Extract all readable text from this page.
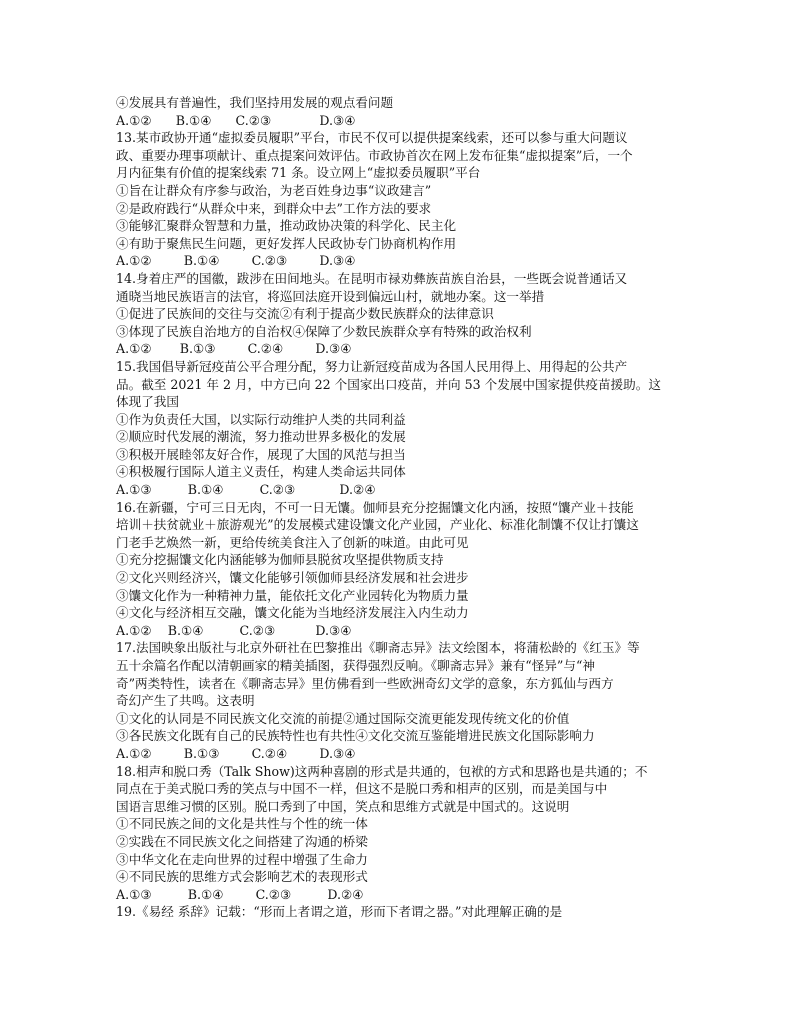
④发展具有普遍性，我们坚持用发展的观点看问题
A.①②      B.①④      C.②③            D.③④
13.某市政协开通“虚拟委员履职”平台，市民不仅可以提供提案线索，还可以参与重大问题议
政、重要办理事项献计、重点提案问效评估。市政协首次在网上发布征集“虚拟提案”后，一个
月内征集有价值的提案线索 71 条。设立网上“虚拟委员履职”平台
①旨在让群众有序参与政治，为老百姓身边事“议政建言”
②是政府践行“从群众中来，到群众中去”工作方法的要求
③能够汇聚群众智慧和力量，推动政协决策的科学化、民主化
④有助于聚焦民生问题，更好发挥人民政协专门协商机构作用
A.①②        B.①④        C.②③        D.③④
14.身着庄严的国徽，跋涉在田间地头。在昆明市禄劝彝族苗族自治县，一些既会说普通话又
通晓当地民族语言的法官，将巡回法庭开设到偏远山村，就地办案。这一举措
①促进了民族间的交往与交流②有利于提高少数民族群众的法律意识
③体现了民族自治地方的自治权④保障了少数民族群众享有特殊的政治权利
A.①②       B.①③        C.②④        D.③④
15.我国倡导新冠疫苗公平合理分配，努力让新冠疫苗成为各国人民用得上、用得起的公共产
品。截至 2021 年 2 月，中方已向 22 个国家出口疫苗，并向 53 个发展中国家提供疫苗援助。这
体现了我国
①作为负责任大国，以实际行动维护人类的共同利益
②顺应时代发展的潮流，努力推动世界多极化的发展
③积极开展睦邻友好合作，展现了大国的风范与担当
④积极履行国际人道主义责任，构建人类命运共同体
A.①③         B.①④         C.②③           D.②④
16.在新疆，宁可三日无肉，不可一日无馕。伽师县充分挖掘馕文化内涵，按照“馕产业＋技能
培训＋扶贫就业＋旅游观光”的发展模式建设馕文化产业园，产业化、标准化制馕不仅让打馕这
门老手艺焕然一新，更给传统美食注入了创新的味道。由此可见
①充分挖掘馕文化内涵能够为伽师县脱贫攻坚提供物质支持
②文化兴则经济兴，馕文化能够引领伽师县经济发展和社会进步
③馕文化作为一种精神力量，能依托文化产业园转化为物质力量
④文化与经济相互交融，馕文化能为当地经济发展注入内生动力
A.①②    B.①④         C.②③          D.③④
17.法国映象出版社与北京外研社在巴黎推出《聊斋志异》法文绘图本，将蒲松龄的《红玉》等
五十余篇名作配以清朝画家的精美插图，获得强烈反响。《聊斋志异》兼有“怪异”与“神
奇”两类特性，读者在《聊斋志异》里仿佛看到一些欧洲奇幻文学的意象，东方狐仙与西方
奇幻产生了共鸣。这表明
①文化的认同是不同民族文化交流的前提②通过国际交流更能发现传统文化的价值
③各民族文化既有自己的民族特性也有共性④文化交流互鉴能增进民族文化国际影响力
A.①②        B.①③        C.②④        D.③④
18.相声和脱口秀（Talk Show)这两种喜剧的形式是共通的，包袱的方式和思路也是共通的；不
同点在于美式脱口秀的笑点与中国不一样，但这不是脱口秀和相声的区别，而是美国与中
国语言思维习惯的区别。脱口秀到了中国，笑点和思维方式就是中国式的。这说明
①不同民族之间的文化是共性与个性的统一体
②实践在不同民族文化之间搭建了沟通的桥梁
③中华文化在走向世界的过程中增强了生命力
④不同民族的思维方式会影响艺术的表现形式
A.①③         B.①④        C.②③         D.②④
19.《易经 系辞》记载：“形而上者谓之道，形而下者谓之器。”对此理解正确的是
